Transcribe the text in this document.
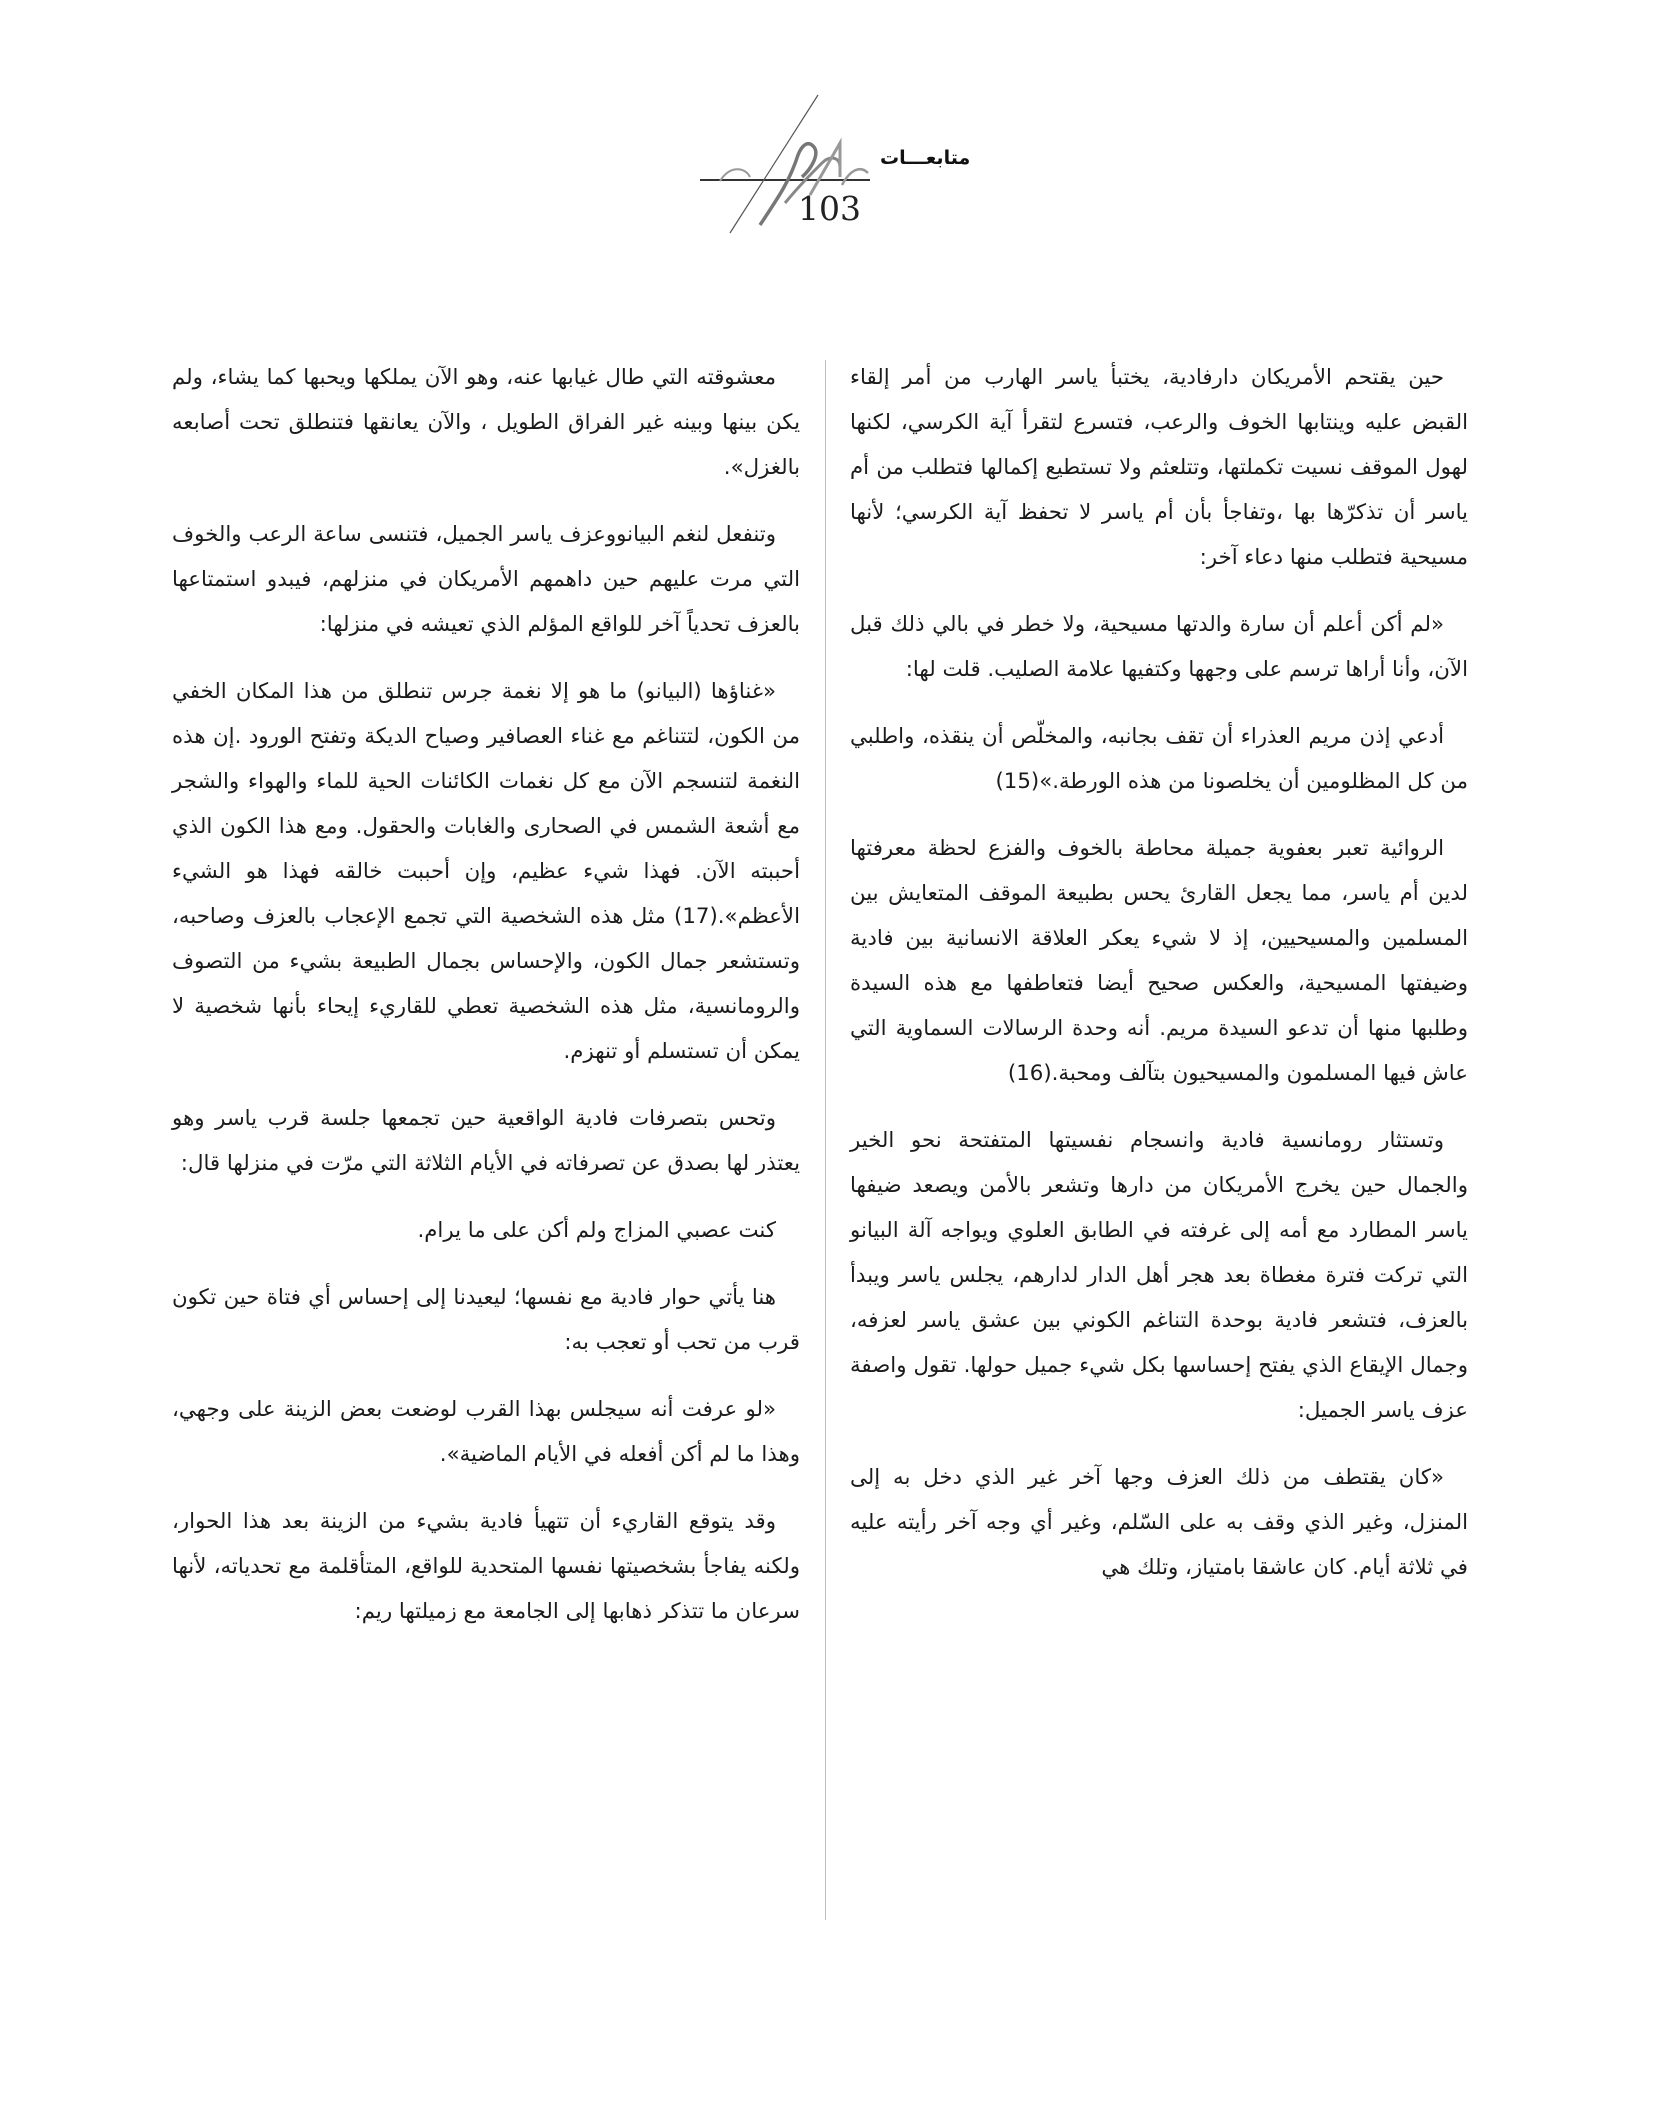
متابعـــات
103

حين يقتحم الأمريكان دارفادية، يختبأ ياسر الهارب من أمر إلقاء القبض عليه وينتابها الخوف والرعب، فتسرع لتقرأ آية الكرسي، لكنها لهول الموقف نسيت تكملتها، وتتلعثم ولا تستطيع إكمالها فتطلب من أم ياسر أن تذكرّها بها ،وتفاجأ بأن أم ياسر لا تحفظ آية الكرسي؛ لأنها مسيحية فتطلب منها دعاء آخر:

«لم أكن أعلم أن سارة والدتها مسيحية، ولا خطر في بالي ذلك قبل الآن، وأنا أراها ترسم على وجهها وكتفيها علامة الصليب. قلت لها:

أدعي إذن مريم العذراء أن تقف بجانبه، والمخلّص أن ينقذه، واطلبي من كل المظلومين أن يخلصونا من هذه الورطة.»(15)

الروائية تعبر بعفوية جميلة محاطة بالخوف والفزع لحظة معرفتها لدين أم ياسر، مما يجعل القارئ يحس بطبيعة الموقف المتعايش بين المسلمين والمسيحيين، إذ لا شيء يعكر العلاقة الانسانية بين فادية وضيفتها المسيحية، والعكس صحيح أيضا فتعاطفها مع هذه السيدة وطلبها منها أن تدعو السيدة مريم. أنه وحدة الرسالات السماوية التي عاش فيها المسلمون والمسيحيون بتآلف ومحبة.(16)

وتستثار رومانسية فادية وانسجام نفسيتها المتفتحة نحو الخير والجمال حين يخرج الأمريكان من دارها وتشعر بالأمن ويصعد ضيفها ياسر المطارد مع أمه إلى غرفته في الطابق العلوي ويواجه آلة البيانو التي تركت فترة مغطاة بعد هجر أهل الدار لدارهم، يجلس ياسر ويبدأ بالعزف، فتشعر فادية بوحدة التناغم الكوني بين عشق ياسر لعزفه، وجمال الإيقاع الذي يفتح إحساسها بكل شيء جميل حولها. تقول واصفة عزف ياسر الجميل:

«كان يقتطف من ذلك العزف وجها آخر غير الذي دخل به إلى المنزل، وغير الذي وقف به على السّلم، وغير أي وجه آخر رأيته عليه في ثلاثة أيام. كان عاشقا بامتياز، وتلك هي

معشوقته التي طال غيابها عنه، وهو الآن يملكها ويحبها كما يشاء، ولم يكن بينها وبينه غير الفراق الطويل ، والآن يعانقها فتنطلق تحت أصابعه بالغزل».

وتنفعل لنغم البيانووعزف ياسر الجميل، فتنسى ساعة الرعب والخوف التي مرت عليهم حين داهمهم الأمريكان في منزلهم، فيبدو استمتاعها بالعزف تحدياً آخر للواقع المؤلم الذي تعيشه في منزلها:

«غناؤها (البيانو) ما هو إلا نغمة جرس تنطلق من هذا المكان الخفي من الكون، لتتناغم مع غناء العصافير وصياح الديكة وتفتح الورود .إن هذه النغمة لتنسجم الآن مع كل نغمات الكائنات الحية للماء والهواء والشجر مع أشعة الشمس في الصحارى والغابات والحقول. ومع هذا الكون الذي أحببته الآن. فهذا شيء عظيم، وإن أحببت خالقه فهذا هو الشيء الأعظم».(17) مثل هذه الشخصية التي تجمع الإعجاب بالعزف وصاحبه، وتستشعر جمال الكون، والإحساس بجمال الطبيعة بشيء من التصوف والرومانسية، مثل هذه الشخصية تعطي للقاريء إيحاء بأنها شخصية لا يمكن أن تستسلم أو تنهزم.

وتحس بتصرفات فادية الواقعية حين تجمعها جلسة قرب ياسر وهو يعتذر لها بصدق عن تصرفاته في الأيام الثلاثة التي مرّت في منزلها قال:

كنت عصبي المزاج ولم أكن على ما يرام.

هنا يأتي حوار فادية مع نفسها؛ ليعيدنا إلى إحساس أي فتاة حين تكون قرب من تحب أو تعجب به:

«لو عرفت أنه سيجلس بهذا القرب لوضعت بعض الزينة على وجهي، وهذا ما لم أكن أفعله في الأيام الماضية».

وقد يتوقع القاريء أن تتهيأ فادية بشيء من الزينة بعد هذا الحوار، ولكنه يفاجأ بشخصيتها نفسها المتحدية للواقع، المتأقلمة مع تحدياته، لأنها سرعان ما تتذكر ذهابها إلى الجامعة مع زميلتها ريم:
